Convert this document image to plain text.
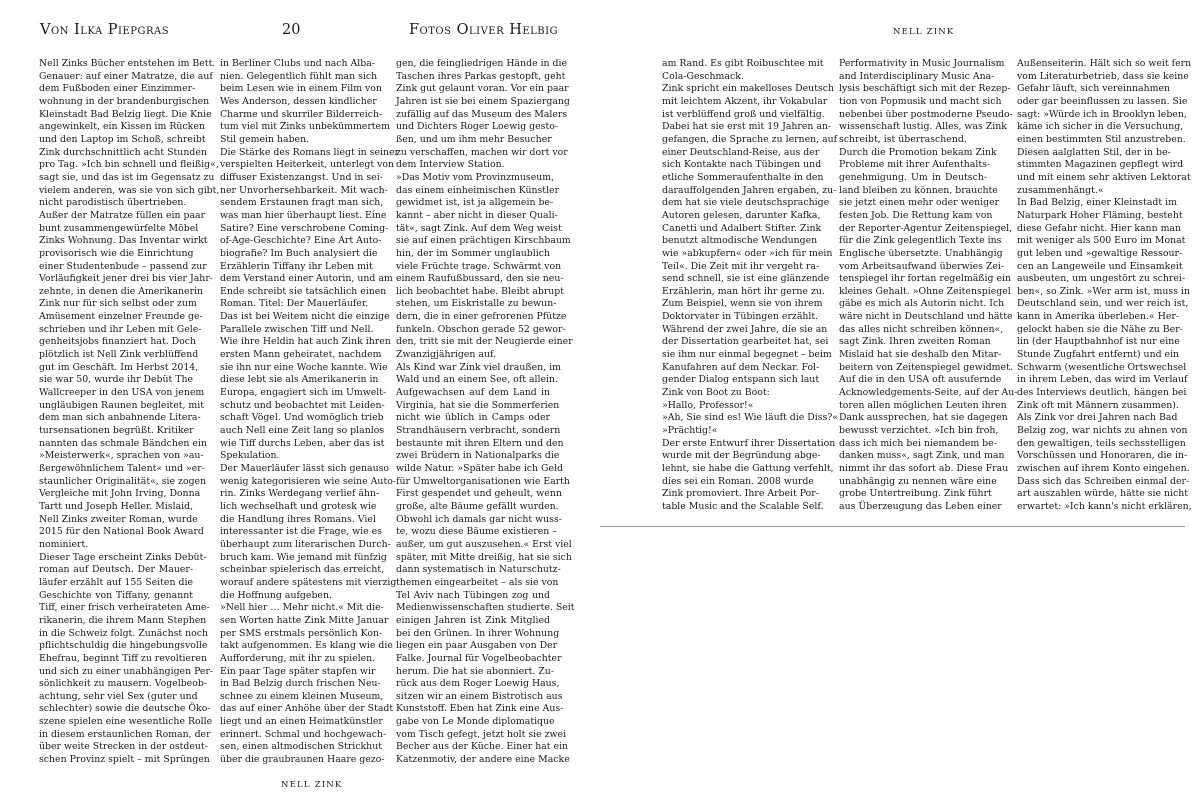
Von Ilka Piepgras	20	Fotos Oliver Helbig
Nell Zinks Bücher entstehen im Bett.
Genauer: auf einer Matratze, die auf
dem Fußboden einer Einzimmer-
wohnung in der brandenburgischen
Kleinstadt Bad Belzig liegt. Die Knie
angewinkelt, ein Kissen im Rücken
und den Laptop im Schoß, schreibt
Zink durchschnittlich acht Stunden
pro Tag. »Ich bin schnell und fleißig«,
sagt sie, und das ist im Gegensatz zu
vielem anderen, was sie von sich gibt,
nicht parodistisch übertrieben.
Außer der Matratze füllen ein paar
bunt zusammengewürfelte Möbel
Zinks Wohnung. Das Inventar wirkt
provisorisch wie die Einrichtung
einer Studentenbude – passend zur
Vorläufigkeit jener drei bis vier Jahr-
zehnte, in denen die Amerikanerin
Zink nur für sich selbst oder zum
Amüsement einzelner Freunde ge-
schrieben und ihr Leben mit Gele-
genheitsjobs finanziert hat. Doch
plötzlich ist Nell Zink verblüffend
gut im Geschäft. Im Herbst 2014,
sie war 50, wurde ihr Debüt The
Wallcreeper in den USA von jenem
ungläubigen Raunen begleitet, mit
dem man sich anbahnende Litera-
tursensationen begrüßt. Kritiker
nannten das schmale Bändchen ein
»Meisterwerk«, sprachen von »au-
ßergewöhnlichem Talent« und »er-
staunlicher Originalität«, sie zogen
Vergleiche mit John Irving, Donna
Tartt und Joseph Heller. Mislaid,
Nell Zinks zweiter Roman, wurde
2015 für den National Book Award
nominiert.
Dieser Tage erscheint Zinks Debüt-
roman auf Deutsch. Der Mauer-
läufer erzählt auf 155 Seiten die
Geschichte von Tiffany, genannt
Tiff, einer frisch verheirateten Ame-
rikanerin, die ihrem Mann Stephen
in die Schweiz folgt. Zunächst noch
pflichtschuldig die hingebungsvolle
Ehefrau, beginnt Tiff zu revoltieren
und sich zu einer unabhängigen Per-
sönlichkeit zu mausern. Vogelbeob-
achtung, sehr viel Sex (guter und
schlechter) sowie die deutsche Öko-
szene spielen eine wesentliche Rolle
in diesem erstaunlichen Roman, der
über weite Strecken in der ostdeut-
schen Provinz spielt – mit Sprüngen
in Berliner Clubs und nach Alba-
nien. Gelegentlich fühlt man sich
beim Lesen wie in einem Film von
Wes Anderson, dessen kindlicher
Charme und skurriler Bilderreich-
tum viel mit Zinks unbekümmertem
Stil gemein haben.
Die Stärke des Romans liegt in seiner
verspielten Heiterkeit, unterlegt von
diffuser Existenzangst. Und in sei-
ner Unvorhersehbarkeit. Mit wach-
sendem Erstaunen fragt man sich,
was man hier überhaupt liest. Eine
Satire? Eine verschrobene Coming-
of-Age-Geschichte? Eine Art Auto-
biografie? Im Buch analysiert die
Erzählerin Tiffany ihr Leben mit
dem Verstand einer Autorin, und am
Ende schreibt sie tatsächlich einen
Roman. Titel: Der Mauerläufer.
Das ist bei Weitem nicht die einzige
Parallele zwischen Tiff und Nell.
Wie ihre Heldin hat auch Zink ihren
ersten Mann geheiratet, nachdem
sie ihn nur eine Woche kannte. Wie
diese lebt sie als Amerikanerin in
Europa, engagiert sich im Umwelt-
schutz und beobachtet mit Leiden-
schaft Vögel. Und womöglich trieb
auch Nell eine Zeit lang so planlos
wie Tiff durchs Leben, aber das ist
Spekulation.
Der Mauerläufer lässt sich genauso
wenig kategorisieren wie seine Auto-
rin. Zinks Werdegang verlief ähn-
lich wechselhaft und grotesk wie
die Handlung ihres Romans. Viel
interessanter ist die Frage, wie es
überhaupt zum literarischen Durch-
bruch kam. Wie jemand mit fünfzig
scheinbar spielerisch das erreicht,
worauf andere spätestens mit vierzig
die Hoffnung aufgeben.
»Nell hier … Mehr nicht.« Mit die-
sen Worten hatte Zink Mitte Januar
per SMS erstmals persönlich Kon-
takt aufgenommen. Es klang wie die
Aufforderung, mit ihr zu spielen.
Ein paar Tage später stapfen wir
in Bad Belzig durch frischen Neu-
schnee zu einem kleinen Museum,
das auf einer Anhöhe über der Stadt
liegt und an einen Heimatkünstler
erinnert. Schmal und hochgewach-
sen, einen altmodischen Strickhut
über die graubraunen Haare gezo-
gen, die feingliedrigen Hände in die
Taschen ihres Parkas gestopft, geht
Zink gut gelaunt voran. Vor ein paar
Jahren ist sie bei einem Spaziergang
zufällig auf das Museum des Malers
und Dichters Roger Loewig gesto-
ßen, und um ihm mehr Besucher
zu verschaffen, machen wir dort vor
dem Interview Station.
»Das Motiv vom Provinzmuseum,
das einem einheimischen Künstler
gewidmet ist, ist ja allgemein be-
kannt – aber nicht in dieser Quali-
tät«, sagt Zink. Auf dem Weg weist
sie auf einen prächtigen Kirschbaum
hin, der im Sommer unglaublich
viele Früchte trage. Schwärmt von
einem Raufußbussard, den sie neu-
lich beobachtet habe. Bleibt abrupt
stehen, um Eiskristalle zu bewun-
dern, die in einer gefrorenen Pfütze
funkeln. Obschon gerade 52 gewor-
den, tritt sie mit der Neugierde einer
Zwanzigjährigen auf.
Als Kind war Zink viel draußen, im
Wald und an einem See, oft allein.
Aufgewachsen auf dem Land in
Virginia, hat sie die Sommerferien
nicht wie üblich in Camps oder
Strandhäusern verbracht, sondern
bestaunte mit ihren Eltern und den
zwei Brüdern in Nationalparks die
wilde Natur. »Später habe ich Geld
für Umweltorganisationen wie Earth
First gespendet und geheult, wenn
große, alte Bäume gefällt wurden.
Obwohl ich damals gar nicht wuss-
te, wozu diese Bäume existieren –
außer, um gut auszusehen.« Erst viel
später, mit Mitte dreißig, hat sie sich
dann systematisch in Naturschutz-
themen eingearbeitet – als sie von
Tel Aviv nach Tübingen zog und
Medienwissenschaften studierte. Seit
einigen Jahren ist Zink Mitglied
bei den Grünen. In ihrer Wohnung
liegen ein paar Ausgaben von Der
Falke. Journal für Vogelbeobachter
herum. Die hat sie abonniert. Zu-
rück aus dem Roger Loewig Haus,
sitzen wir an einem Bistrotisch aus
Kunststoff. Eben hat Zink eine Aus-
gabe von Le Monde diplomatique
vom Tisch gefegt, jetzt holt sie zwei
Becher aus der Küche. Einer hat ein
Katzenmotiv, der andere eine Macke
NELL ZINK
NELL ZINK
am Rand. Es gibt Roibuschtee mit
Cola-Geschmack.
Zink spricht ein makelloses Deutsch
mit leichtem Akzent, ihr Vokabular
ist verblüffend groß und vielfältig.
Dabei hat sie erst mit 19 Jahren an-
gefangen, die Sprache zu lernen, auf
einer Deutschland-Reise, aus der
sich Kontakte nach Tübingen und
etliche Sommeraufenthalte in den
darauffolgenden Jahren ergaben, zu-
dem hat sie viele deutschsprachige
Autoren gelesen, darunter Kafka,
Canetti und Adalbert Stifter. Zink
benutzt altmodische Wendungen
wie »abkupfern« oder »ich für mein
Teil«. Die Zeit mit ihr vergeht ra-
send schnell, sie ist eine glänzende
Erzählerin, man hört ihr gerne zu.
Zum Beispiel, wenn sie von ihrem
Doktorvater in Tübingen erzählt.
Während der zwei Jahre, die sie an
der Dissertation gearbeitet hat, sei
sie ihm nur einmal begegnet – beim
Kanufahren auf dem Neckar. Fol-
gender Dialog entspann sich laut
Zink von Boot zu Boot:
»Hallo, Professor!«
»Ah, Sie sind es! Wie läuft die Diss?«
»Prächtig!«
Der erste Entwurf ihrer Dissertation
wurde mit der Begründung abge-
lehnt, sie habe die Gattung verfehlt,
dies sei ein Roman. 2008 wurde
Zink promoviert. Ihre Arbeit Por-
table Music and the Scalable Self.
Performativity in Music Journalism
and Interdisciplinary Music Ana-
lysis beschäftigt sich mit der Rezep-
tion von Popmusik und macht sich
nebenbei über postmoderne Pseudo-
wissenschaft lustig. Alles, was Zink
schreibt, ist überraschend.
Durch die Promotion bekam Zink
Probleme mit ihrer Aufenthalts-
genehmigung. Um in Deutsch-
land bleiben zu können, brauchte
sie jetzt einen mehr oder weniger
festen Job. Die Rettung kam von
der Reporter-Agentur Zeitenspiegel,
für die Zink gelegentlich Texte ins
Englische übersetzte. Unabhängig
vom Arbeitsaufwand überwies Zei-
tenspiegel ihr fortan regelmäßig ein
kleines Gehalt. »Ohne Zeitenspiegel
gäbe es mich als Autorin nicht. Ich
wäre nicht in Deutschland und hätte
das alles nicht schreiben können«,
sagt Zink. Ihren zweiten Roman
Mislaid hat sie deshalb den Mitar-
beitern von Zeitenspiegel gewidmet.
Auf die in den USA oft ausufernde
Acknowledgements-Seite, auf der Au-
toren allen möglichen Leuten ihren
Dank aussprechen, hat sie dagegen
bewusst verzichtet. »Ich bin froh,
dass ich mich bei niemandem be-
danken muss«, sagt Zink, und man
nimmt ihr das sofort ab. Diese Frau
unabhängig zu nennen wäre eine
grobe Untertreibung. Zink führt
aus Überzeugung das Leben einer
Außenseiterin. Hält sich so weit fern
vom Literaturbetrieb, dass sie keine
Gefahr läuft, sich vereinnahmen
oder gar beeinflussen zu lassen. Sie
sagt: »Würde ich in Brooklyn leben,
käme ich sicher in die Versuchung,
einen bestimmten Stil anzustreben.
Diesen aalglatten Stil, der in be-
stimmten Magazinen gepflegt wird
und mit einem sehr aktiven Lektorat
zusammenhängt.«
In Bad Belzig, einer Kleinstadt im
Naturpark Hoher Fläming, besteht
diese Gefahr nicht. Hier kann man
mit weniger als 500 Euro im Monat
gut leben und »gewaltige Ressour-
cen an Langeweile und Einsamkeit
ausbeuten, um ungestört zu schrei-
ben«, so Zink. »Wer arm ist, muss in
Deutschland sein, und wer reich ist,
kann in Amerika überleben.« Her-
gelockt haben sie die Nähe zu Ber-
lin (der Hauptbahnhof ist nur eine
Stunde Zugfahrt entfernt) und ein
Schwarm (wesentliche Ortswechsel
in ihrem Leben, das wird im Verlauf
des Interviews deutlich, hängen bei
Zink oft mit Männern zusammen).
Als Zink vor drei Jahren nach Bad
Belzig zog, war nichts zu ahnen von
den gewaltigen, teils sechsstelligen
Vorschüssen und Honoraren, die in-
zwischen auf ihrem Konto eingehen.
Dass sich das Schreiben einmal der-
art auszahlen würde, hätte sie nicht
erwartet: »Ich kann's nicht erklären,
